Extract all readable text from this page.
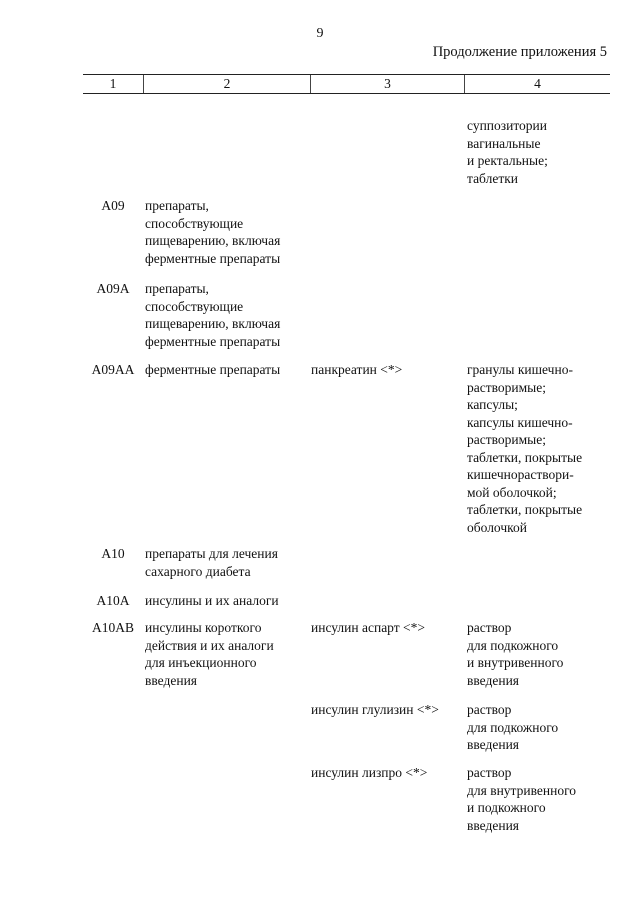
9
Продолжение приложения 5
1	2	3	4
суппозитории
вагинальные
и ректальные;
таблетки
A09	препараты,
способствующие
пищеварению, включая
ферментные препараты
A09A	препараты,
способствующие
пищеварению, включая
ферментные препараты
A09AA ферментные препараты	панкреатин <*>	гранулы кишечно-
растворимые;
капсулы;
капсулы кишечно-
растворимые;
таблетки, покрытые
кишечнораствори-
мой оболочкой;
таблетки, покрытые
оболочкой
A10	препараты для лечения
сахарного диабета
A10A	инсулины и их аналоги
A10AB инсулины короткого
действия и их аналоги
для инъекционного
введения
инсулин аспарт <*>	раствор
для подкожного
и внутривенного
введения
инсулин глулизин <*>	раствор
для подкожного
введения
инсулин лизпро <*>	раствор
для внутривенного
и подкожного
введения
